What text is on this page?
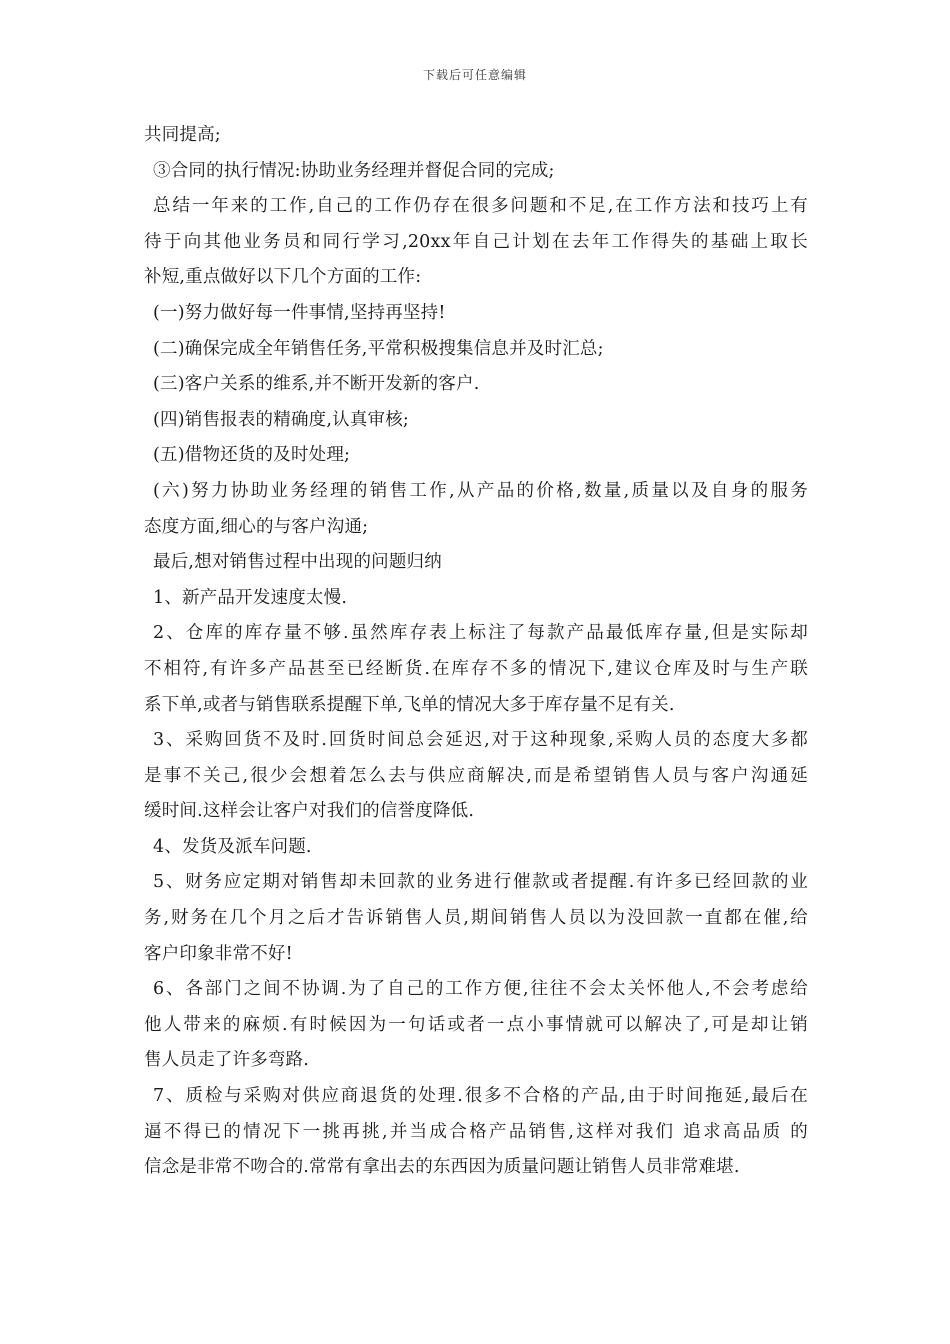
下载后可任意编辑
共同提高;
③合同的执行情况:协助业务经理并督促合同的完成;
总结一年来的工作,自己的工作仍存在很多问题和不足,在工作方法和技巧上有
待于向其他业务员和同行学习,20xx年自己计划在去年工作得失的基础上取长
补短,重点做好以下几个方面的工作:
(一)努力做好每一件事情,坚持再坚持!
(二)确保完成全年销售任务,平常积极搜集信息并及时汇总;
(三)客户关系的维系,并不断开发新的客户.
(四)销售报表的精确度,认真审核;
(五)借物还货的及时处理;
(六)努力协助业务经理的销售工作,从产品的价格,数量,质量以及自身的服务
态度方面,细心的与客户沟通;
最后,想对销售过程中出现的问题归纳
1、新产品开发速度太慢.
2、仓库的库存量不够.虽然库存表上标注了每款产品最低库存量,但是实际却
不相符,有许多产品甚至已经断货.在库存不多的情况下,建议仓库及时与生产联
系下单,或者与销售联系提醒下单,飞单的情况大多于库存量不足有关.
3、采购回货不及时.回货时间总会延迟,对于这种现象,采购人员的态度大多都
是事不关己,很少会想着怎么去与供应商解决,而是希望销售人员与客户沟通延
缓时间.这样会让客户对我们的信誉度降低.
4、发货及派车问题.
5、财务应定期对销售却未回款的业务进行催款或者提醒.有许多已经回款的业
务,财务在几个月之后才告诉销售人员,期间销售人员以为没回款一直都在催,给
客户印象非常不好!
6、各部门之间不协调.为了自己的工作方便,往往不会太关怀他人,不会考虑给
他人带来的麻烦.有时候因为一句话或者一点小事情就可以解决了,可是却让销
售人员走了许多弯路.
7、质检与采购对供应商退货的处理.很多不合格的产品,由于时间拖延,最后在
逼不得已的情况下一挑再挑,并当成合格产品销售,这样对我们 追求高品质 的
信念是非常不吻合的.常常有拿出去的东西因为质量问题让销售人员非常难堪.
